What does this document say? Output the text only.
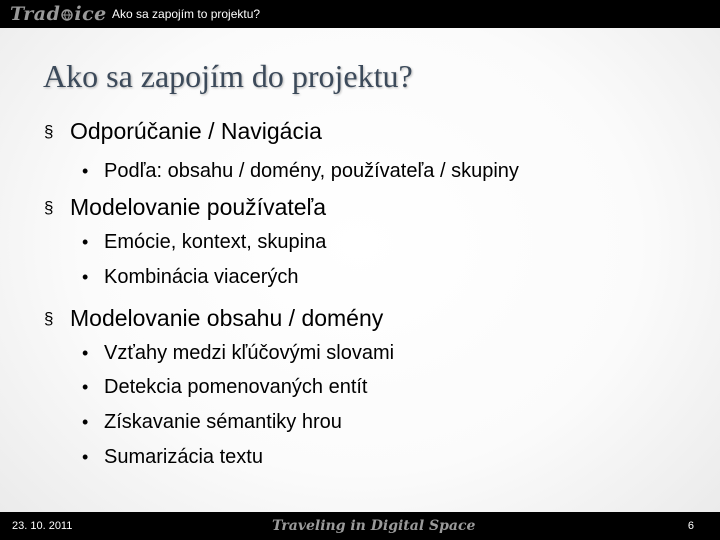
Trad ice Ako sa zapojím to projektu?
Ako sa zapojím do projektu?
§ Odporúčanie / Navigácia
• Podľa: obsahu / domény, používateľa / skupiny
§ Modelovanie používateľa
• Emócie, kontext, skupina
• Kombinácia viacerých
§ Modelovanie obsahu / domény
• Vzťahy medzi kľúčovými slovami
• Detekcia pomenovaných entít
• Získavanie sémantiky hrou
• Sumarizácia textu
23. 10. 2011	Traveling in Digital Space	6
